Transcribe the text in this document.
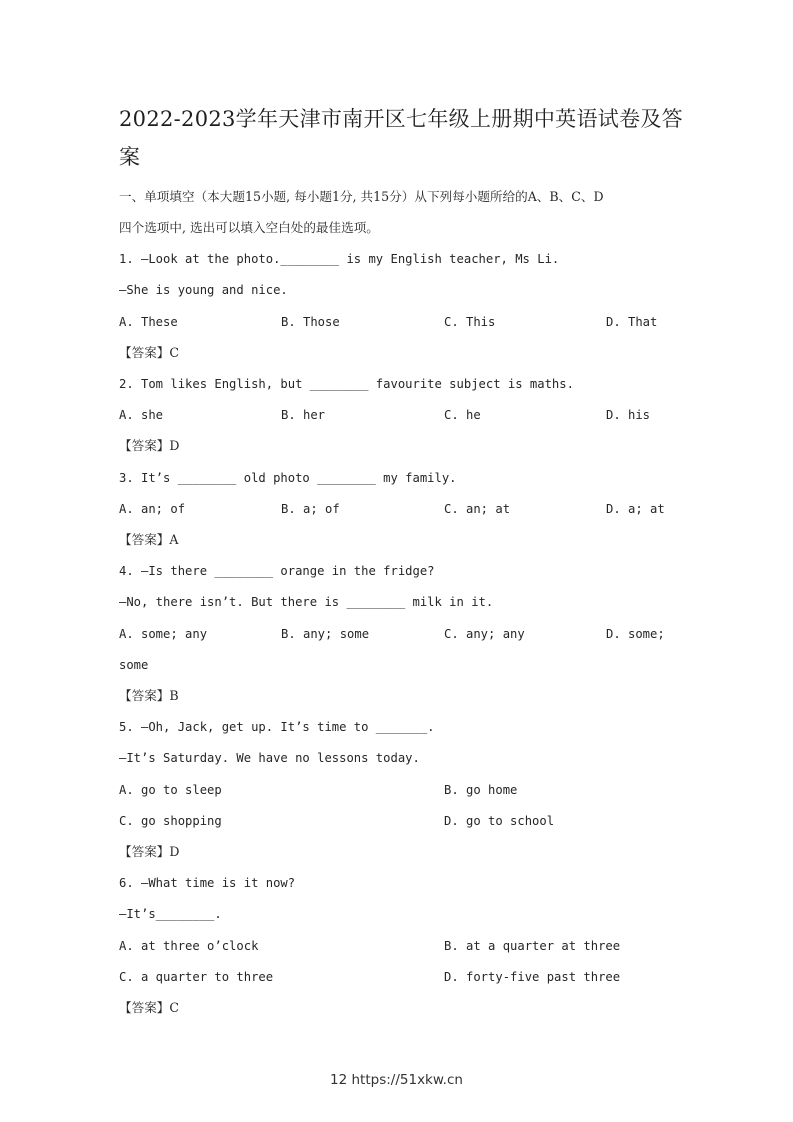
2022-2023学年天津市南开区七年级上册期中英语试卷及答案
一、单项填空（本大题15小题, 每小题1分, 共15分）从下列每小题所给的A、B、C、D
四个选项中, 选出可以填入空白处的最佳选项。
1. —Look at the photo.________ is my English teacher, Ms Li.
—She is young and nice.
A. These	B. Those	C. This	D. That
【答案】C
2. Tom likes English, but ________ favourite subject is maths.
A. she	B. her	C. he	D. his
【答案】D
3. It’s ________ old photo ________ my family.
A. an; of	B. a; of	C. an; at	D. a; at
【答案】A
4. —Is there ________ orange in the fridge?
—No, there isn’t. But there is ________ milk in it.
A. some; any	B. any; some	C. any; any	D. some;
some
【答案】B
5. —Oh, Jack, get up. It’s time to _______.
—It’s Saturday. We have no lessons today.
A. go to sleep	B. go home
C. go shopping	D. go to school
【答案】D
6. —What time is it now?
—It’s________.
A. at three o’clock	B. at a quarter at three
C. a quarter to three	D. forty-five past three
【答案】C
12 https://51xkw.cn
